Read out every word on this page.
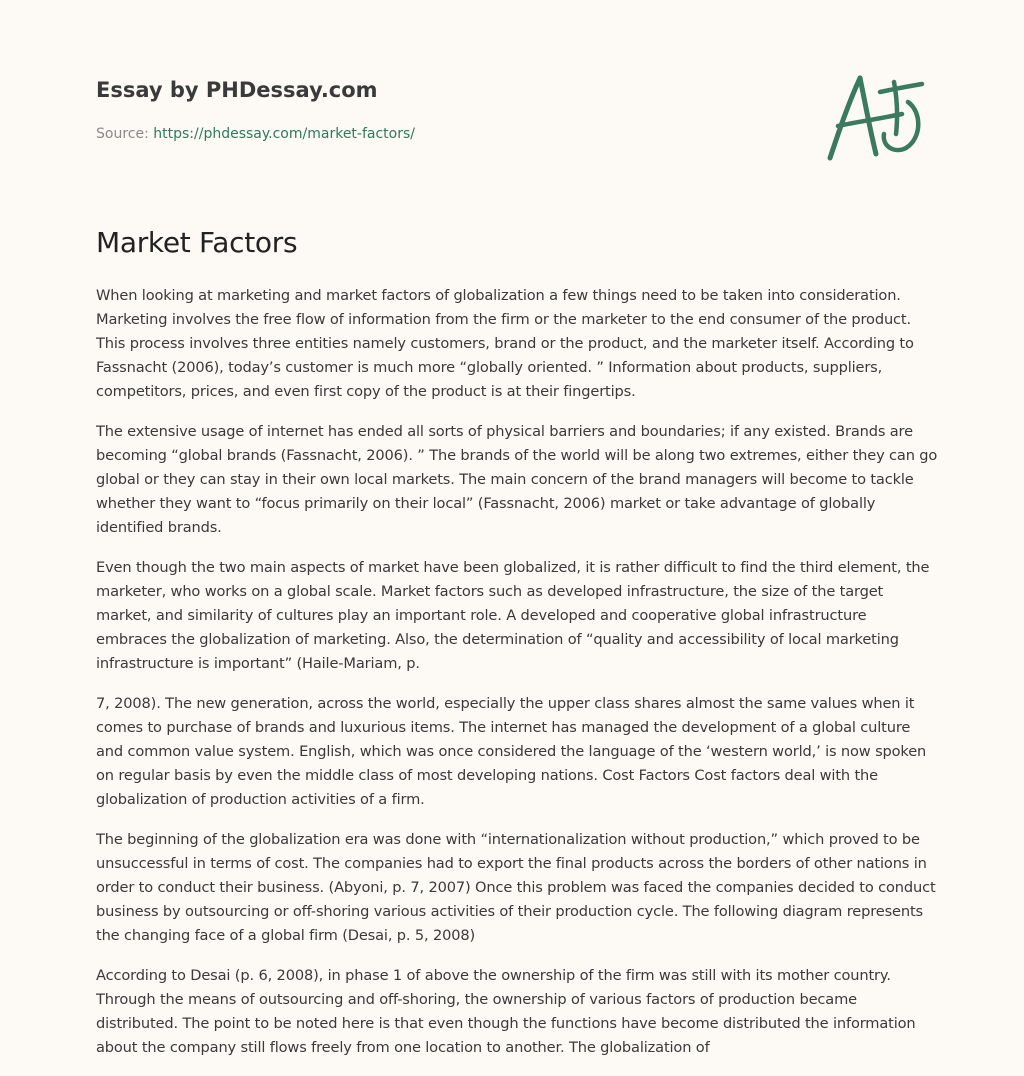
Essay by PHDessay.com
Source: https://phdessay.com/market-factors/
Market Factors

When looking at marketing and market factors of globalization a few things need to be taken into consideration. Marketing involves the free flow of information from the firm or the marketer to the end consumer of the product. This process involves three entities namely customers, brand or the product, and the marketer itself. According to Fassnacht (2006), today’s customer is much more “globally oriented. ” Information about products, suppliers, competitors, prices, and even first copy of the product is at their fingertips.

The extensive usage of internet has ended all sorts of physical barriers and boundaries; if any existed. Brands are becoming “global brands (Fassnacht, 2006). ” The brands of the world will be along two extremes, either they can go global or they can stay in their own local markets. The main concern of the brand managers will become to tackle whether they want to “focus primarily on their local” (Fassnacht, 2006) market or take advantage of globally identified brands.

Even though the two main aspects of market have been globalized, it is rather difficult to find the third element, the marketer, who works on a global scale. Market factors such as developed infrastructure, the size of the target market, and similarity of cultures play an important role. A developed and cooperative global infrastructure embraces the globalization of marketing. Also, the determination of “quality and accessibility of local marketing infrastructure is important” (Haile-Mariam, p.

7, 2008). The new generation, across the world, especially the upper class shares almost the same values when it comes to purchase of brands and luxurious items. The internet has managed the development of a global culture and common value system. English, which was once considered the language of the ‘western world,’ is now spoken on regular basis by even the middle class of most developing nations. Cost Factors Cost factors deal with the globalization of production activities of a firm.

The beginning of the globalization era was done with “internationalization without production,” which proved to be unsuccessful in terms of cost. The companies had to export the final products across the borders of other nations in order to conduct their business. (Abyoni, p. 7, 2007) Once this problem was faced the companies decided to conduct business by outsourcing or off-shoring various activities of their production cycle. The following diagram represents the changing face of a global firm (Desai, p. 5, 2008)

According to Desai (p. 6, 2008), in phase 1 of above the ownership of the firm was still with its mother country. Through the means of outsourcing and off-shoring, the ownership of various factors of production became distributed. The point to be noted here is that even though the functions have become distributed the information about the company still flows freely from one location to another. The globalization of
